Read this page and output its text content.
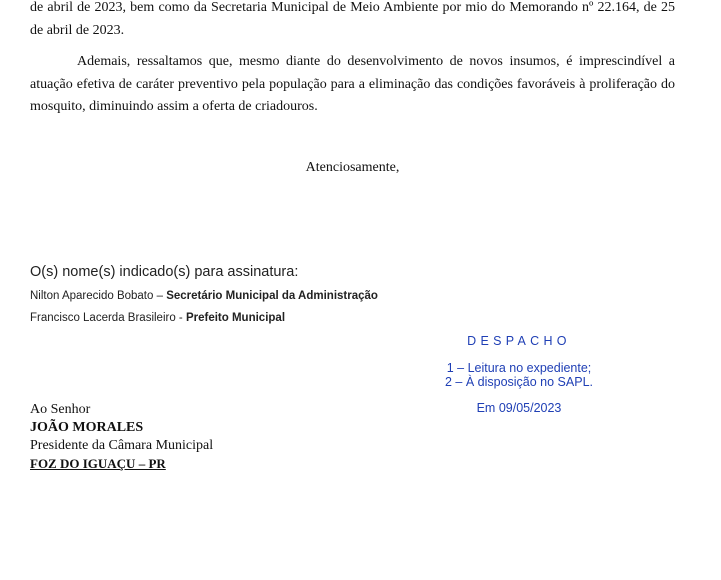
de abril de 2023, bem como da Secretaria Municipal de Meio Ambiente por mio do Memorando nº 22.164, de 25 de abril de 2023.

Ademais, ressaltamos que, mesmo diante do desenvolvimento de novos insumos, é imprescindível a atuação efetiva de caráter preventivo pela população para a eliminação das condições favoráveis à proliferação do mosquito, diminuindo assim a oferta de criadouros.

Atenciosamente,
O(s) nome(s) indicado(s) para assinatura:
Nilton Aparecido Bobato – Secretário Municipal da Administração
Francisco Lacerda Brasileiro - Prefeito Municipal
DESPACHO
1 – Leitura no expediente;
2 – À disposição no SAPL.
Em 09/05/2023
Ao Senhor
JOÃO MORALES
Presidente da Câmara Municipal
FOZ DO IGUAÇU – PR
